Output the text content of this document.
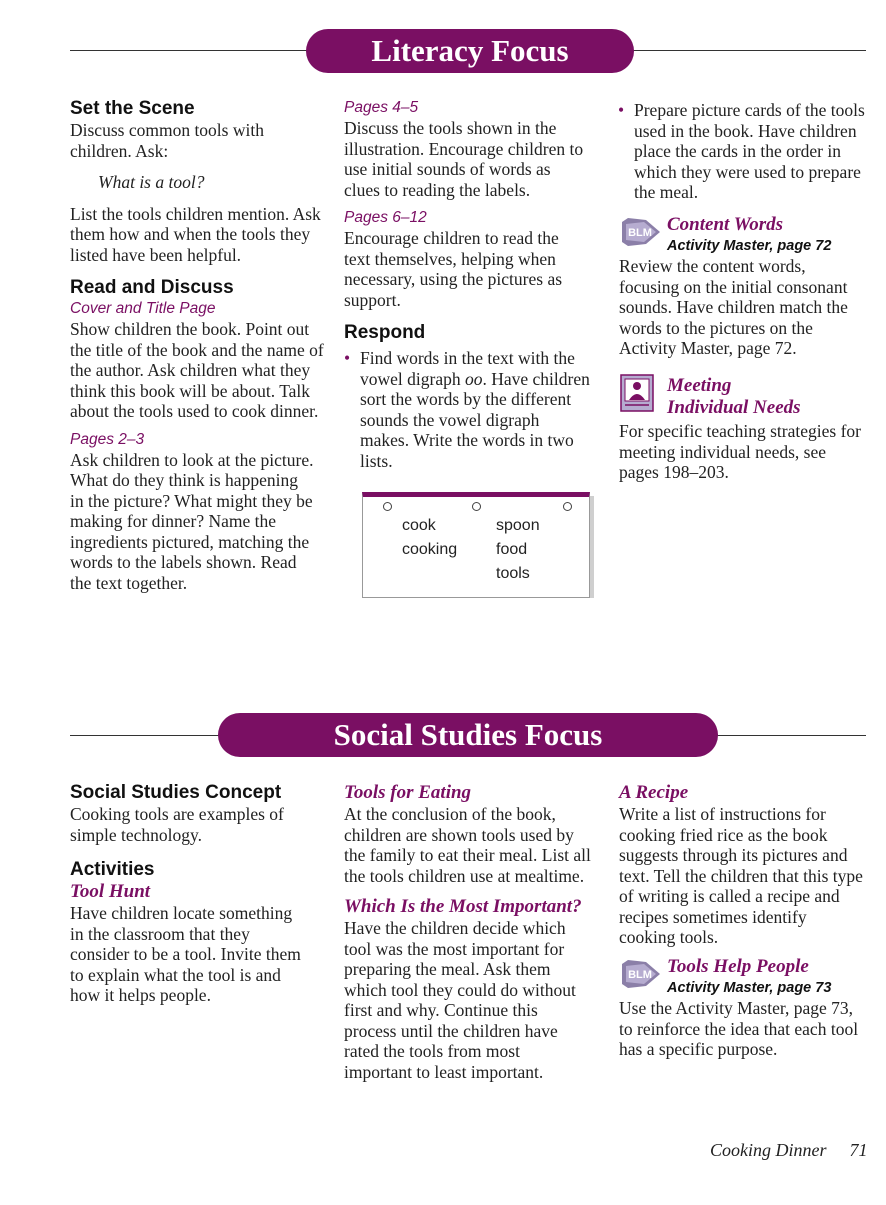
Literacy Focus

Set the Scene

Discuss common tools with children. Ask:

What is a tool?

List the tools children mention. Ask them how and when the tools they listed have been helpful.

Read and Discuss

Cover and Title Page

Show children the book. Point out the title of the book and the name of the author. Ask children what they think this book will be about. Talk about the tools used to cook dinner.

Pages 2–3

Ask children to look at the picture. What do they think is happening in the picture? What might they be making for dinner? Name the ingredients pictured, matching the words to the labels shown. Read the text together.

Pages 4–5

Discuss the tools shown in the illustration. Encourage children to use initial sounds of words as clues to reading the labels.

Pages 6–12

Encourage children to read the text themselves, helping when necessary, using the pictures as support.

Respond

• Find words in the text with the vowel digraph oo. Have children sort the words by the different sounds the vowel digraph makes. Write the words in two lists.
cook
cooking
spoon
food
tools
• Prepare picture cards of the tools used in the book. Have children place the cards in the order in which they were used to prepare the meal.
BLM Content Words

Activity Master, page 72

Review the content words, focusing on the initial consonant sounds. Have children match the words to the pictures on the Activity Master, page 72.

Meeting

Individual Needs

For specific teaching strategies for meeting individual needs, see pages 198–203.

Social Studies Focus

Social Studies Concept

Cooking tools are examples of simple technology.

Activities

Tool Hunt

Have children locate something in the classroom that they consider to be a tool. Invite them to explain what the tool is and how it helps people.

Tools for Eating

At the conclusion of the book, children are shown tools used by the family to eat their meal. List all the tools children use at mealtime.

Which Is the Most Important?

Have the children decide which tool was the most important for preparing the meal. Ask them which tool they could do without first and why. Continue this process until the children have rated the tools from most important to least important.

A Recipe

Write a list of instructions for cooking fried rice as the book suggests through its pictures and text. Tell the children that this type of writing is called a recipe and recipes sometimes identify cooking tools.

BLM Tools Help People

Activity Master, page 73

Use the Activity Master, page 73, to reinforce the idea that each tool has a specific purpose.

Cooking Dinner 71
